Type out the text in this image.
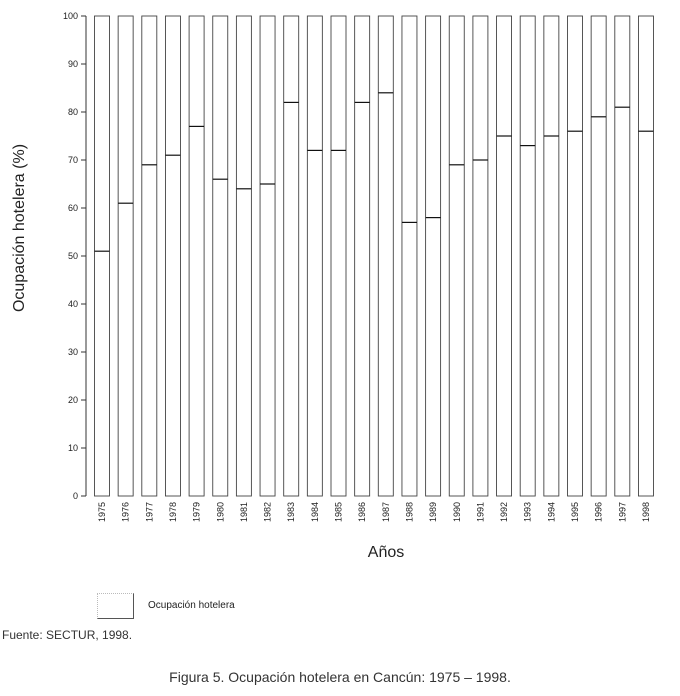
0
10
20
30
40
50
60
70
80
90
100
1975 1976 1977 1978 1979 1980 1981 1982 1983 1984 1985 1986 1987 1988 1989 1990 1991 1992 1993 1994 1995 1996 1997 1998
Ocupación hotelera (%)
Años
Ocupación hotelera
Fuente: SECTUR, 1998.
Figura 5. Ocupación hotelera en Cancún: 1975 – 1998.
